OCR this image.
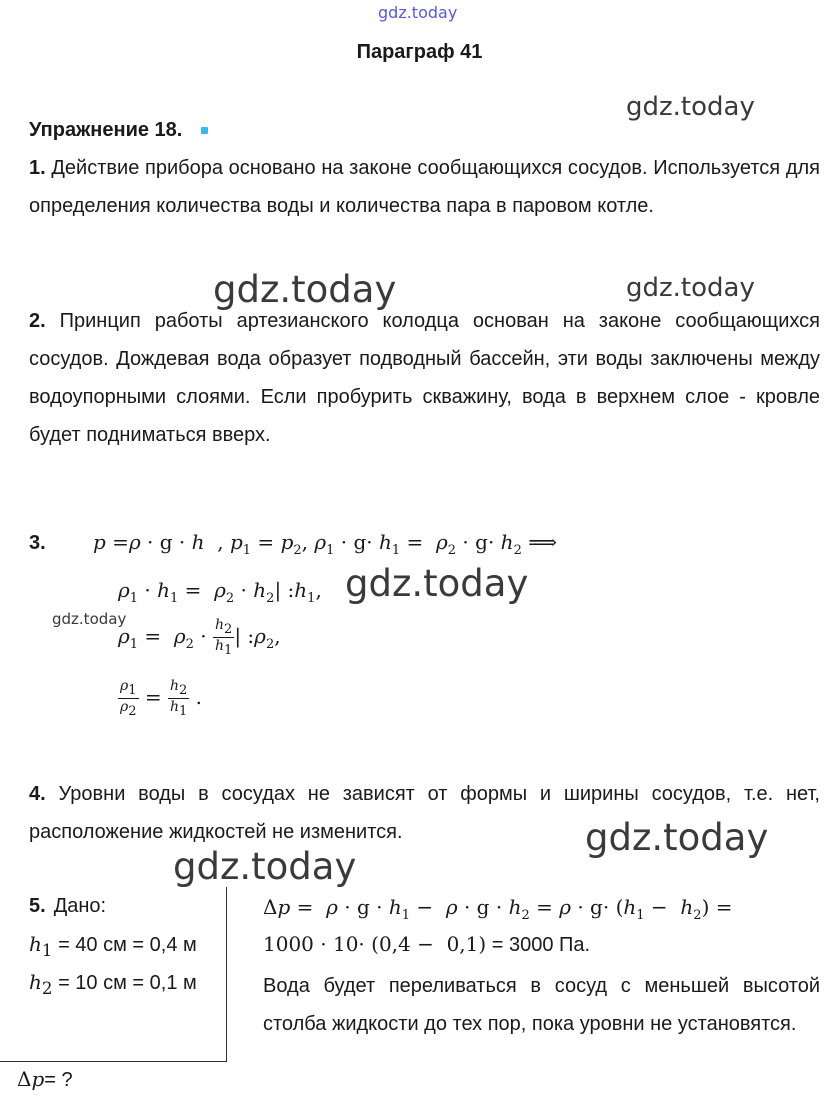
gdz.today
gdz.today
gdz.today	gdz.today
gdz.today
gdz.today
gdz.today
gdz.today
Параграф 41
Упражнение 18.
1. Действие прибора основано на законе сообщающихся сосудов. Используется для определения количества воды и количества пара в паровом котле.
2. Принцип работы артезианского колодца основан на законе сообщающихся сосудов. Дождевая вода образует подводный бассейн, эти воды заключены между водоупорными слоями. Если пробурить скважину, вода в верхнем слое - кровле будет подниматься вверх.
3. p =ρ · g · h  , $p_1 = p_2$, $\rho_1 \cdot g\cdot h_1 = \rho_2 \cdot g\cdot h_2$ ⟹
$\rho_1 \cdot h_1 = \rho_2 \cdot h_2|$ $:h_1$,
$\rho_1 = \rho_2 \cdot \frac{h_2}{h_1}$ | $:\rho_2$,
$\frac{\rho_1}{\rho_2} = \frac{h_2}{h_1}$ .
4. Уровни воды в сосудах не зависят от формы и ширины сосудов, т.е. нет, расположение жидкостей не изменится.
5. Дано:
$h_1 = 40$ см = 0,4 м
$h_2 = 10$ см = 0,1 м
Δp= ?
$\Delta p = \rho \cdot g \cdot h_1 - \rho \cdot g \cdot h_2 = \rho \cdot g\cdot (h_1 - h_2)$ =
1000 · 10· (0,4 −  0,1) = 3000 Па.
Вода будет переливаться в сосуд с меньшей высотой столба жидкости до тех пор, пока уровни не установятся.
